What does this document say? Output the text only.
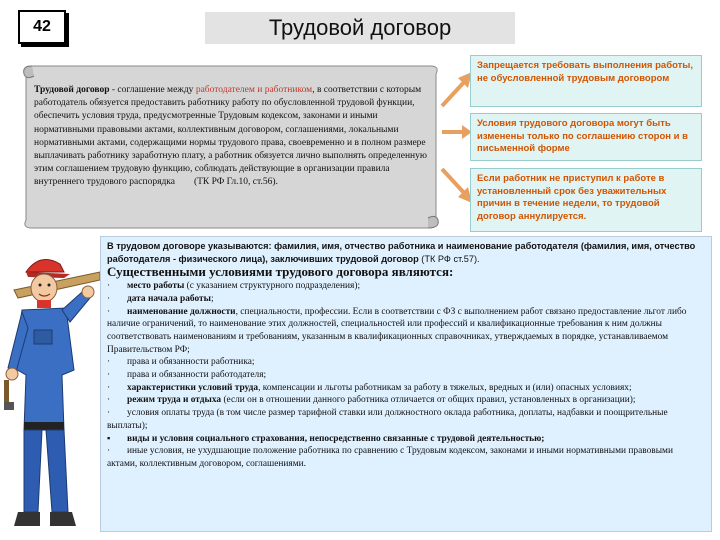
42	Трудовой договор
Трудовой договор - соглашение между работодателем и работником, в соответствии с которым работодатель обязуется предоставить работнику работу по обусловленной трудовой функции, обеспечить условия труда, предусмотренные Трудовым кодексом, законами и иными нормативными правовыми актами, коллективным договором, соглашениями, локальными нормативными актами, содержащими нормы трудового права, своевременно и в полном размере выплачивать работнику заработную плату, а работник обязуется лично выполнять определенную этим соглашением трудовую функцию, соблюдать действующие в организации правила внутреннего трудового распорядка (ТК РФ Гл.10, ст.56).
Запрещается требовать выполнения работы, не обусловленной трудовым договором
Условия трудового договора могут быть изменены только по соглашению сторон и в письменной форме
Если работник не приступил к работе в установленный срок без уважительных причин в течение недели, то трудовой договор аннулируется.

В трудовом договоре указываются: фамилия, имя, отчество работника и наименование работодателя (фамилия, имя, отчество работодателя - физического лица), заключивших трудовой договор (ТК РФ ст.57).

Существенными условиями трудового договора являются:

· место работы (с указанием структурного подразделения);

· дата начала работы;

· наименование должности, специальности, профессии. Если в соответствии с ФЗ с выполнением работ связано предоставление льгот либо наличие ограничений, то наименование этих должностей, специальностей или профессий и квалификационные требования к ним должны соответствовать наименованиям и требованиям, указанным в квалификационных справочниках, утверждаемых в порядке, устанавливаемом Правительством РФ;

· права и обязанности работника;

· права и обязанности работодателя;

· характеристики условий труда, компенсации и льготы работникам за работу в тяжелых, вредных и (или) опасных условиях;

· режим труда и отдыха (если он в отношении данного работника отличается от общих правил, установленных в организации);

· условия оплаты труда (в том числе размер тарифной ставки или должностного оклада работника, доплаты, надбавки и поощрительные выплаты);

▪ виды и условия социального страхования, непосредственно связанные с трудовой деятельностью;

· иные условия, не ухудшающие положение работника по сравнению с Трудовым кодексом, законами и иными нормативными правовыми актами, коллективным договором, соглашениями.
